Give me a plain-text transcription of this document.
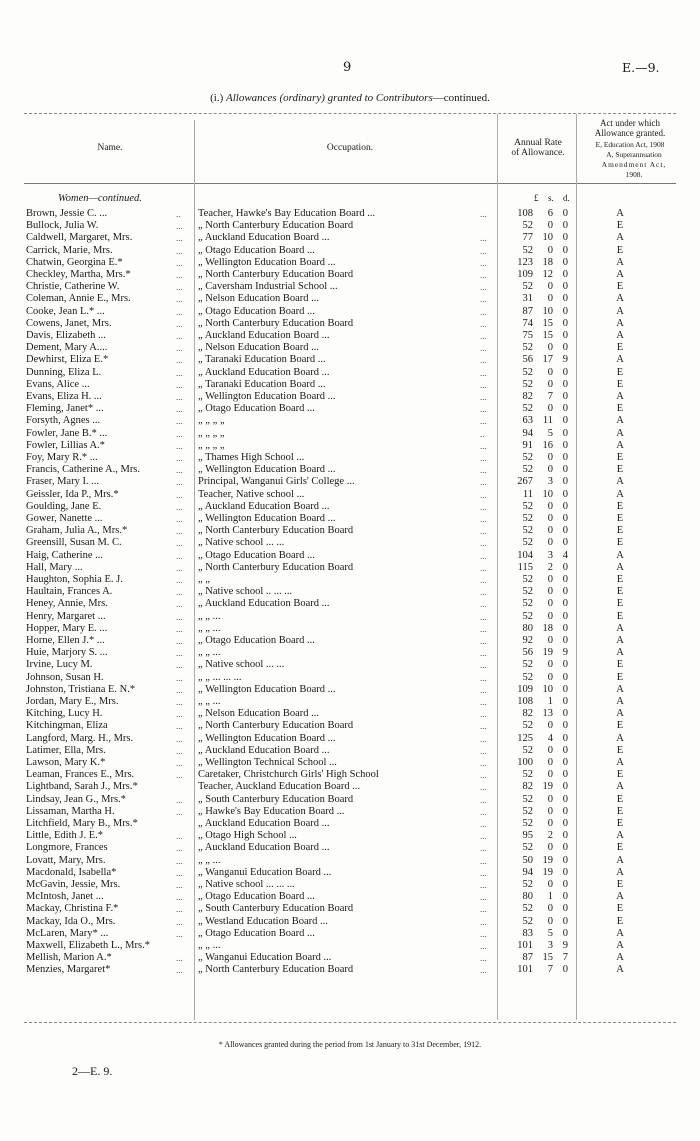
9	E.—9.
(i.) Allowances (ordinary) granted to Contributors—continued.
Name.	Occupation.	Annual Rate
of Allowance.
Act under which
Allowance granted.
E, Education Act, 1908
A, Superannuation
Amendment Act,
1908.
Women—continued.	£ s. d.
Brown, Jessie C. ...	.. Teacher, Hawke's Bay Education Board ...	...	108	6 0	A
Bullock, Julia W.	... „ North Canterbury Education Board	52	0 0	E
Caldwell, Margaret, Mrs.	... „ Auckland Education Board ...	...	77 10 0	A
Carrick, Marie, Mrs.	... „ Otago Education Board ...	...	52	0 0	E
Chatwin, Georgina E.*	... „ Wellington Education Board ...	...	123 18 0	A
Checkley, Martha, Mrs.*	... „ North Canterbury Education Board	...	109 12 0	A
Christie, Catherine W.	... „ Caversham Industrial School ...	...	52	0 0	E
Coleman, Annie E., Mrs.	... „ Nelson Education Board ...	...	31	0 0	A
Cooke, Jean L.* ...	... „ Otago Education Board ...	...	87 10 0	A
Cowens, Janet, Mrs.	... „ North Canterbury Education Board	...	74 15 0	A
Davis, Elizabeth ...	... „ Auckland Education Board ...	...	75 15 0	A
Dement, Mary A....	... „ Nelson Education Board ...	...	52	0 0	E
Dewhirst, Eliza E.*	... „ Taranaki Education Board ...	...	56 17 9	A
Dunning, Eliza L.	... „ Auckland Education Board ...	...	52	0 0	E
Evans, Alice ...	... „ Taranaki Education Board ...	...	52	0 0	E
Evans, Eliza H. ...	... „ Wellington Education Board ...	...	82	7 0	A
Fleming, Janet* ...	... „ Otago Education Board ...	...	52	0 0	E
Forsyth, Agnes ...	... „ „ „ „	...	63 11 0	A
Fowler, Jane B.* ...	... „ „ „ „	..	94	5 0	A
Fowler, Lillias A.*	... „ „ „ „	...	91 16 0	A
Foy, Mary R.* ...	... „ Thames High School ...	...	52	0 0	E
Francis, Catherine A., Mrs.	... „ Wellington Education Board ...	...	52	0 0	E
Fraser, Mary I. ...	... Principal, Wanganui Girls' College ...	...	267	3 0	A
Geissler, Ida P., Mrs.*	... Teacher, Native school ...	...	11 10 0	A
Goulding, Jane E.	... „ Auckland Education Board ...	...	52	0 0	E
Gower, Nanette ...	... „ Wellington Education Board ...	...	52	0 0	E
Graham, Julia A., Mrs.*	... „ North Canterbury Education Board	...	52	0 0	E
Greensill, Susan M. C.	... „ Native school ... ...	...	52	0 0	E
Haig, Catherine ...	... „ Otago Education Board ...	...	104	3 4	A
Hall, Mary ...	... „ North Canterbury Education Board	...	115	2 0	A
Haughton, Sophia E. J.	... „ „	...	52	0 0	E
Haultain, Frances A.	... „ Native school .. ... ...	...	52	0 0	E
Heney, Annie, Mrs.	... „ Auckland Education Board ...	...	52	0 0	E
Henry, Margaret ...	... „ „ ...	...	52	0 0	E
Hopper, Mary E. ...	... „ „ ...	...	80 18 0	A
Horne, Ellen J.* ...	... „ Otago Education Board ...	...	92	0 0	A
Huie, Marjory S. ...	... „ „ ...	...	56 19 9	A
Irvine, Lucy M.	... „ Native school ... ...	...	52	0 0	E
Johnson, Susan H.	... „ „ ... ... ...	...	52	0 0	E
Johnston, Tristiana E. N.*	... „ Wellington Education Board ...	...	109 10 0	A
Jordan, Mary E., Mrs.	... „ „ ...	...	108	1 0	A
Kitching, Lucy H.	... „ Nelson Education Board ...	...	82 13 0	A
Kitchingman, Eliza	... „ North Canterbury Education Board	...	52	0 0	E
Langford, Marg. H., Mrs.	... „ Wellington Education Board ...	...	125	4 0	A
Latimer, Ella, Mrs.	... „ Auckland Education Board ...	...	52	0 0	E
Lawson, Mary K.*	... „ Wellington Technical School ...	...	100	0 0	A
Leaman, Frances E., Mrs.	... Caretaker, Christchurch Girls' High School	...	52	0 0	E
Lightband, Sarah J., Mrs.*	Teacher, Auckland Education Board ...	...	82 19 0	A
Lindsay, Jean G., Mrs.*	... „ South Canterbury Education Board	...	52	0 0	E
Lissaman, Martha H.	... „ Hawke's Bay Education Board ...	...	52	0 0	E
Litchfield, Mary B., Mrs.*	„ Auckland Education Board ...	...	52	0 0	E
Little, Edith J. E.*	... „ Otago High School ...	...	95	2 0	A
Longmore, Frances	... „ Auckland Education Board ...	...	52	0 0	E
Lovatt, Mary, Mrs.	... „ „ ...	...	50 19 0	A
Macdonald, Isabella*	... „ Wanganui Education Board ...	...	94 19 0	A
McGavin, Jessie, Mrs.	... „ Native school ... ... ...	...	52	0 0	E
McIntosh, Janet ...	... „ Otago Education Board ...	...	80	1 0	A
Mackay, Christina F.*	... „ South Canterbury Education Board	...	52	0 0	E
Mackay, Ida O., Mrs.	... „ Westland Education Board ...	...	52	0 0	E
McLaren, Mary* ...	... „ Otago Education Board ...	...	83	5 0	A
Maxwell, Elizabeth L., Mrs.*	„ „ ...	...	101	3 9	A
Mellish, Marion A.*	... „ Wanganui Education Board ...	...	87 15 7	A
Menzies, Margaret*	... „ North Canterbury Education Board	...	101	7 0	A
* Allowances granted during the period from 1st January to 31st December, 1912.
2—E. 9.
